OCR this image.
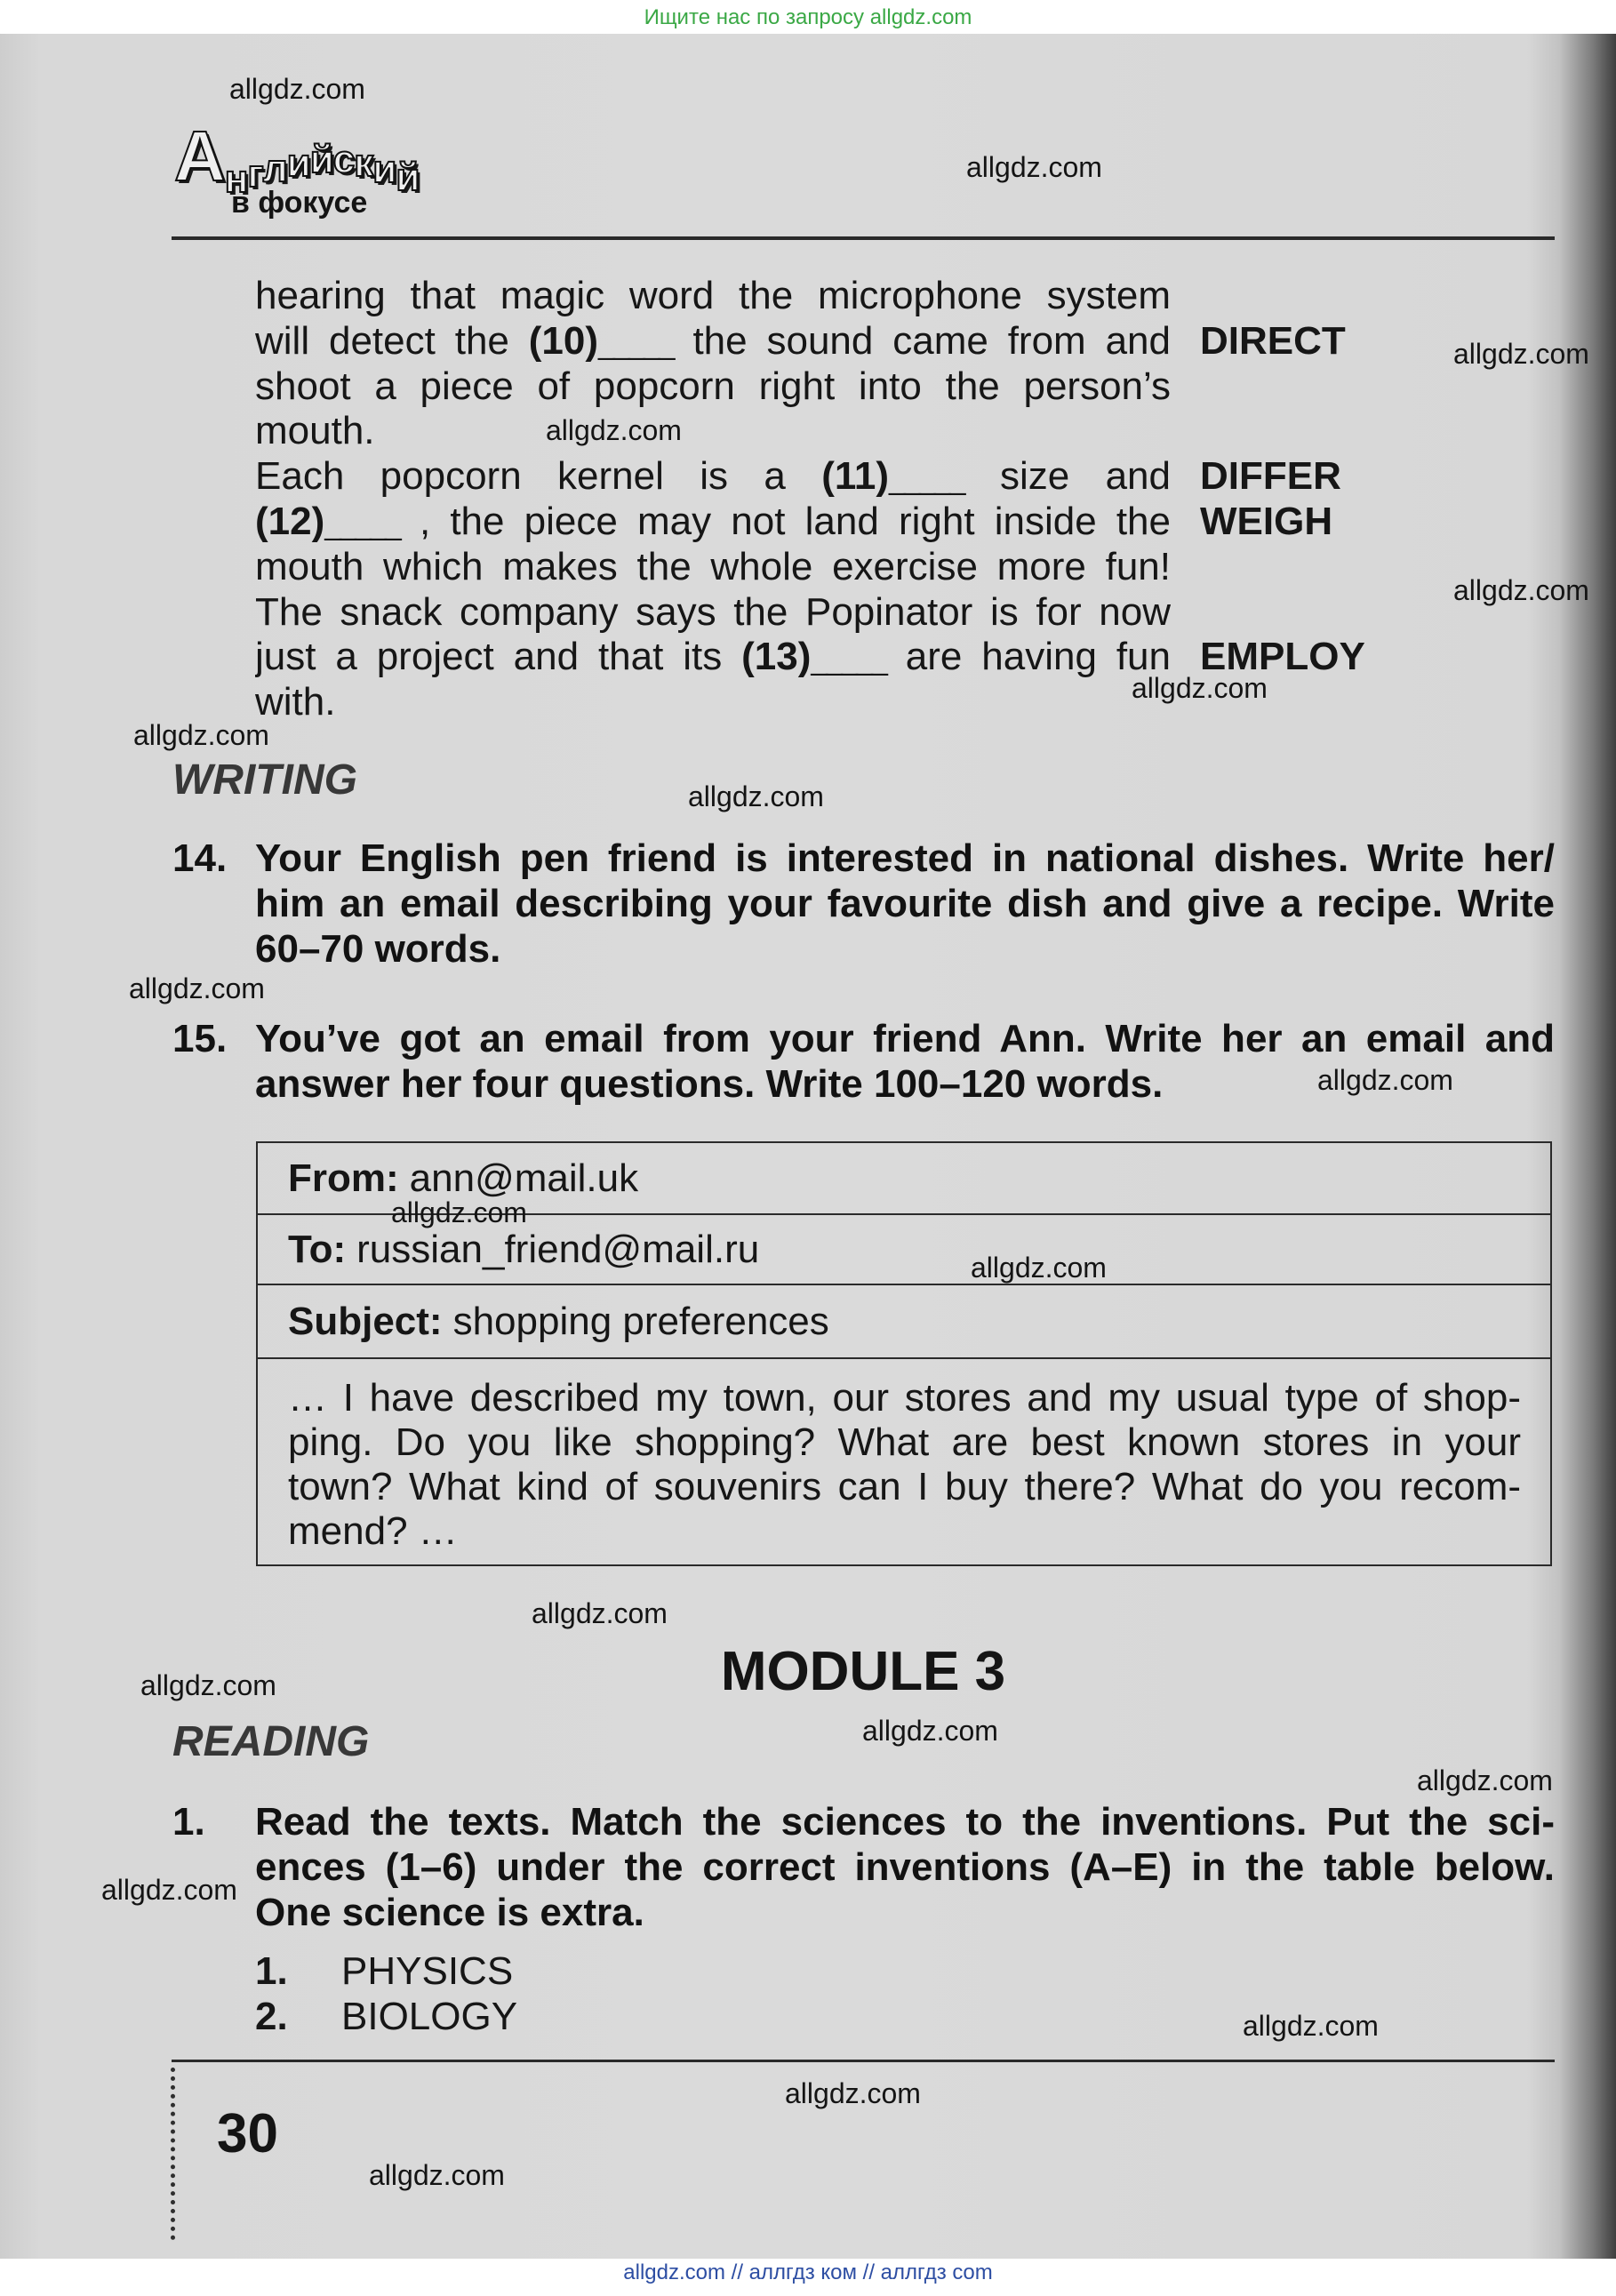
Ищите нас по запросу allgdz.com
А н г л и й с к и й
в фокусе
hearing that magic word the microphone system
will detect the (10)_____ the sound came from and DIRECT
shoot a piece of popcorn right into the person’s
mouth.
Each popcorn kernel is a (11)_____ size and DIFFER
(12)_____ , the piece may not land right inside the WEIGH
mouth which makes the whole exercise more fun!
The snack company says the Popinator is for now
just a project and that its (13)_____ are having fun EMPLOY
with.
WRITING
14. Your English pen friend is interested in national dishes. Write her/
him an email describing your favourite dish and give a recipe. Write
60–70 words.
15. You’ve got an email from your friend Ann. Write her an email and
answer her four questions. Write 100–120 words.
From: ann@mail.uk
To: russian_friend@mail.ru
Subject: shopping preferences
… I have described my town, our stores and my usual type of shop-
ping. Do you like shopping? What are best known stores in your
town? What kind of souvenirs can I buy there? What do you recom-
mend? …
MODULE 3
READING
1. Read the texts. Match the sciences to the inventions. Put the sci-
ences (1–6) under the correct inventions (A–E) in the table below.
One science is extra.
1. PHYSICS
2. BIOLOGY
30
allgdz.com
allgdz.com
allgdz.com
allgdz.com
allgdz.com
allgdz.com
allgdz.com
allgdz.com
allgdz.com
allgdz.com
allgdz.com
allgdz.com
allgdz.com
allgdz.com
allgdz.com
allgdz.com
allgdz.com
allgdz.com
allgdz.com
allgdz.com
allgdz.com // аллгдз ком // аллгдз com
